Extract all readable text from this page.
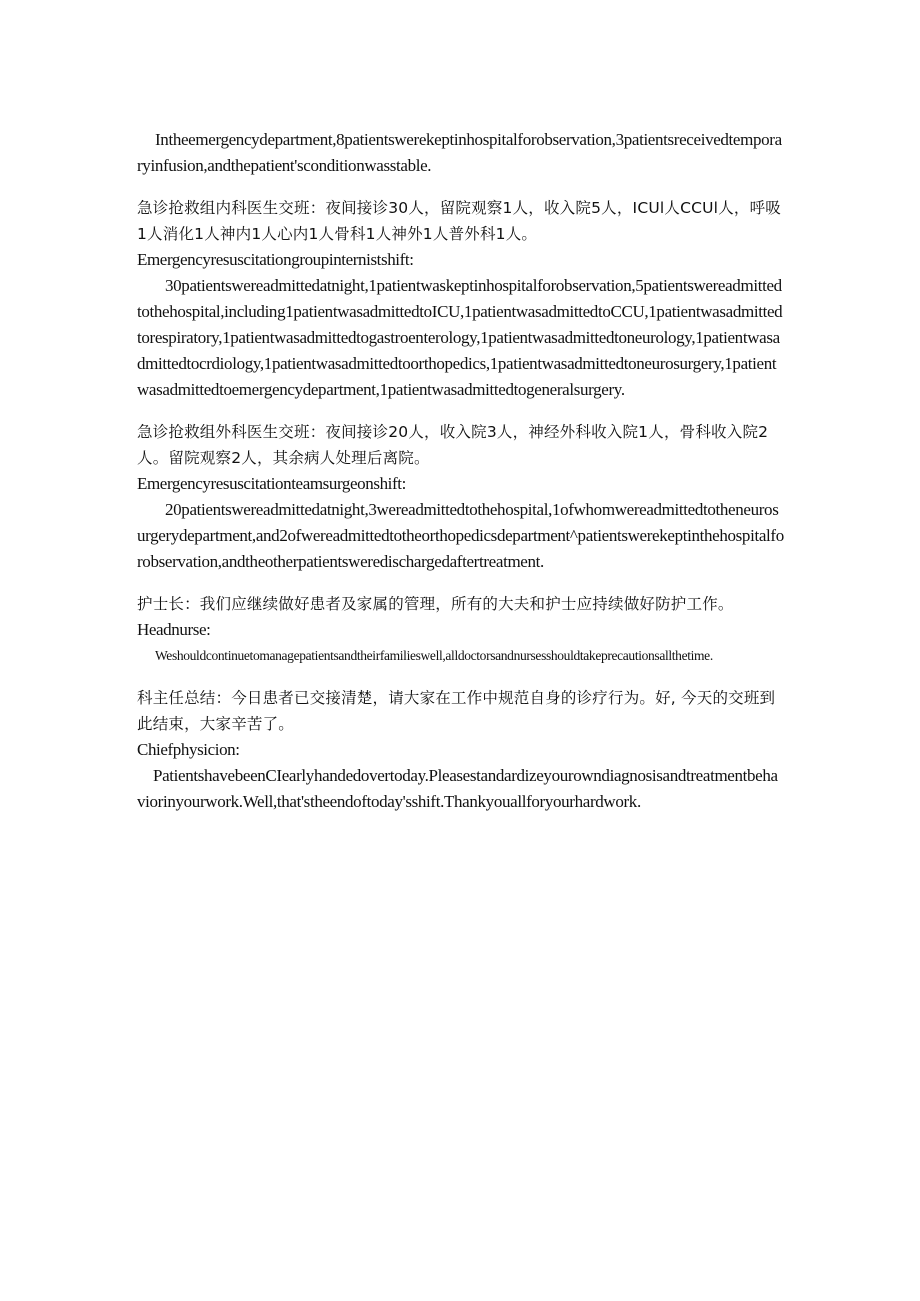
Intheemergencydepartment,8patientswerekeptinhospitalforobservation,3patientsreceivedtemporaryinfusion,andthepatient'sconditionwasstable.

急诊抢救组内科医生交班：夜间接诊30人，留院观察1人，收入院5人，ICUl人CCUl人，呼吸1人消化1人神内1人心内1人骨科1人神外1人普外科1人。

Emergencyresuscitationgroupinternistshift:

30patientswereadmittedatnight,1patientwaskeptinhospitalforobservation,5patientswereadmittedtothehospital,including1patientwasadmittedtoICU,1patientwasadmittedtoCCU,1patientwasadmittedtorespiratory,1patientwasadmittedtogastroenterology,1patientwasadmittedtoneurology,1patientwasadmittedtocrdiology,1patientwasadmittedtoorthopedics,1patientwasadmittedtoneurosurgery,1patientwasadmittedtoemergencydepartment,1patientwasadmittedtogeneralsurgery.

急诊抢救组外科医生交班：夜间接诊20人，收入院3人，神经外科收入院1人，骨科收入院2人。留院观察2人，其余病人处理后离院。

Emergencyresuscitationteamsurgeonshift:

20patientswereadmittedatnight,3wereadmittedtothehospital,1ofwhomwereadmittedtotheneurosurgerydepartment,and2ofwereadmittedtotheorthopedicsdepartment^patientswerekeptinthehospitalforobservation,andtheotherpatientsweredischargedaftertreatment.

护士长：我们应继续做好患者及家属的管理，所有的大夫和护士应持续做好防护工作。

Headnurse:

Weshouldcontinuetomanagepatientsandtheirfamilieswell,alldoctorsandnursesshouldtakeprecautionsallthetime.

科主任总结：今日患者已交接清楚，请大家在工作中规范自身的诊疗行为。好, 今天的交班到此结束，大家辛苦了。

Chiefphysicion:

PatientshavebeenCIearlyhandedovertoday.Pleasestandardizeyourowndiagnosisandtreatmentbehaviorinyourwork.Well,that'stheendoftoday'sshift.Thankyouallforyourhardwork.
